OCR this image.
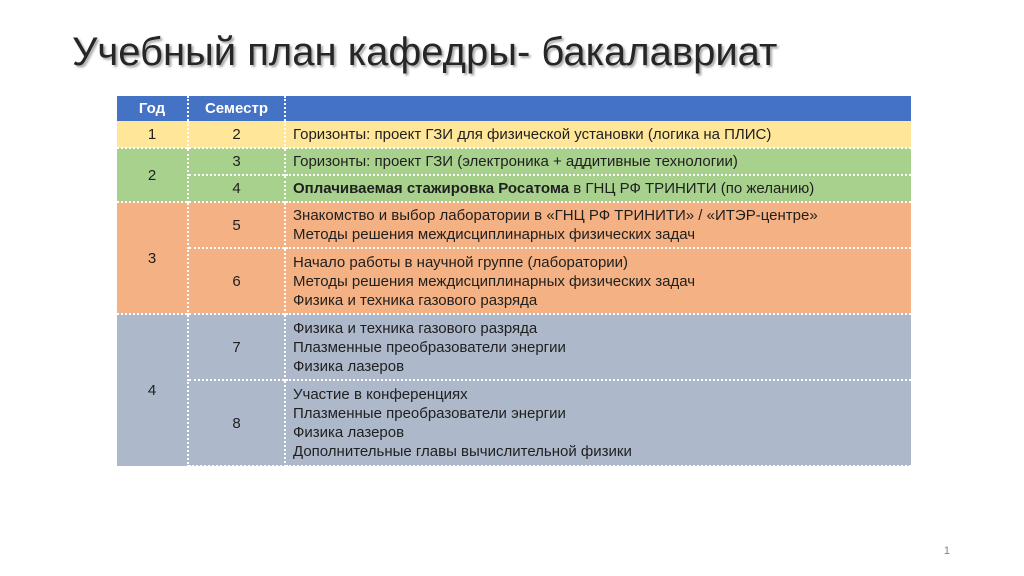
Учебный план кафедры- бакалавриат
Год	Семестр	
1	2	Горизонты: проект ГЗИ для физической установки (логика на ПЛИС)

2	3	Горизонты: проект ГЗИ (электроника + аддитивные технологии)

	4	Оплачиваемая стажировка Росатома в ГНЦ РФ ТРИНИТИ (по желанию)

3	5	Знакомство и выбор лаборатории в «ГНЦ РФ ТРИНИТИ» / «ИТЭР-центре»
Методы решения междисциплинарных физических задач

	6	Начало работы в научной группе (лаборатории)
Методы решения междисциплинарных физических задач
Физика и техника газового разряда

4	7	Физика и техника газового разряда
Плазменные преобразователи энергии
Физика лазеров

	8	Участие в конференциях
Плазменные преобразователи энергии
Физика лазеров
Дополнительные главы вычислительной физики
1
